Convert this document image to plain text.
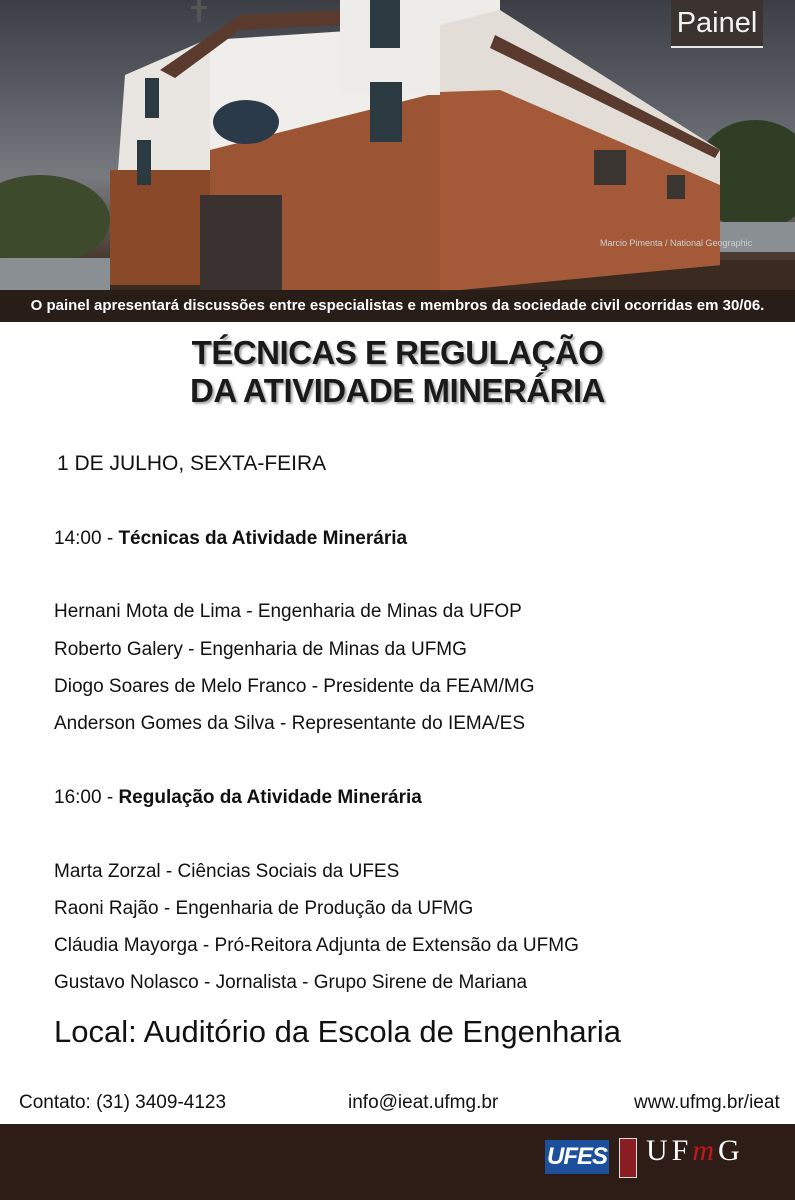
Painel
Marcio Pimenta / National Geographic
O painel apresentará discussões entre especialistas e membros da sociedade civil ocorridas em 30/06.
TÉCNICAS E REGULAÇÃO
DA ATIVIDADE MINERÁRIA
1 DE JULHO, SEXTA-FEIRA
14:00 - Técnicas da Atividade Minerária
Hernani Mota de Lima - Engenharia de Minas da UFOP
Roberto Galery - Engenharia de Minas da UFMG
Diogo Soares de Melo Franco - Presidente da FEAM/MG
Anderson Gomes da Silva - Representante do IEMA/ES
16:00 - Regulação da Atividade Minerária
Marta Zorzal - Ciências Sociais da UFES
Raoni Rajão - Engenharia de Produção da UFMG
Cláudia Mayorga - Pró-Reitora Adjunta de Extensão da UFMG
Gustavo Nolasco - Jornalista - Grupo Sirene de Mariana
Local: Auditório da Escola de Engenharia
Contato: (31) 3409-4123	info@ieat.ufmg.br	www.ufmg.br/ieat
UFES UFmG
